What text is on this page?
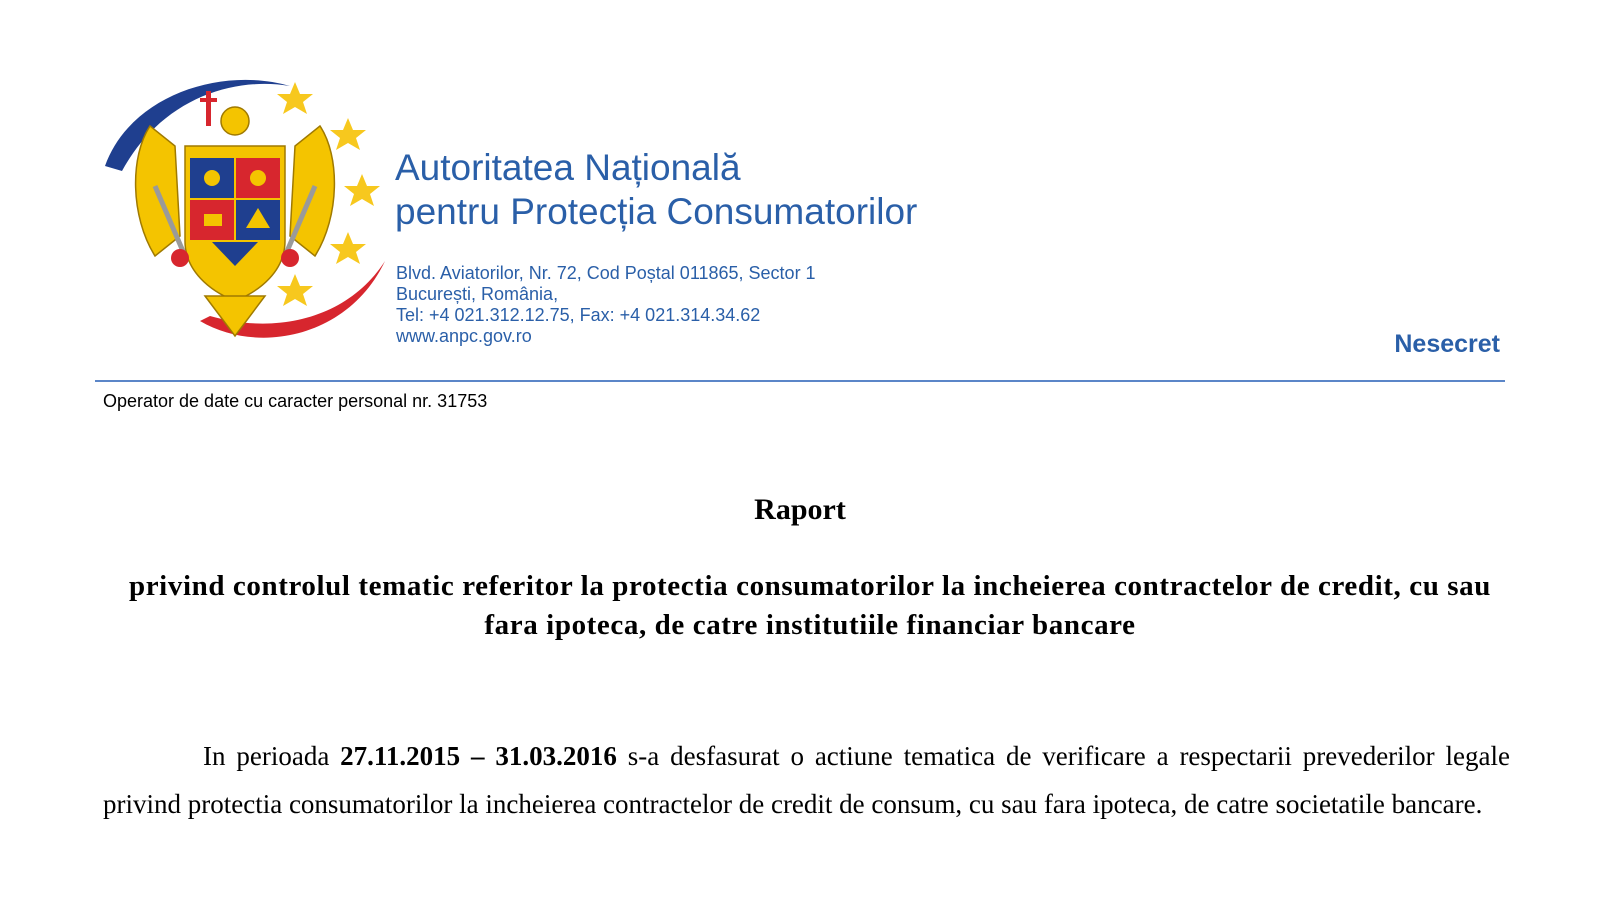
Autoritatea Națională
pentru Protecția Consumatorilor
Blvd. Aviatorilor, Nr. 72, Cod Poștal 011865, Sector 1
București, România,
Tel: +4 021.312.12.75, Fax: +4 021.314.34.62
www.anpc.gov.ro	Nesecret
Operator de date cu caracter personal nr. 31753
Raport
privind controlul tematic referitor la protectia consumatorilor la incheierea contractelor de credit, cu sau fara ipoteca, de catre institutiile financiar bancare
In perioada 27.11.2015 – 31.03.2016 s-a desfasurat o actiune tematica de verificare a respectarii prevederilor legale privind protectia consumatorilor la incheierea contractelor de credit de consum, cu sau fara ipoteca, de catre societatile bancare.
